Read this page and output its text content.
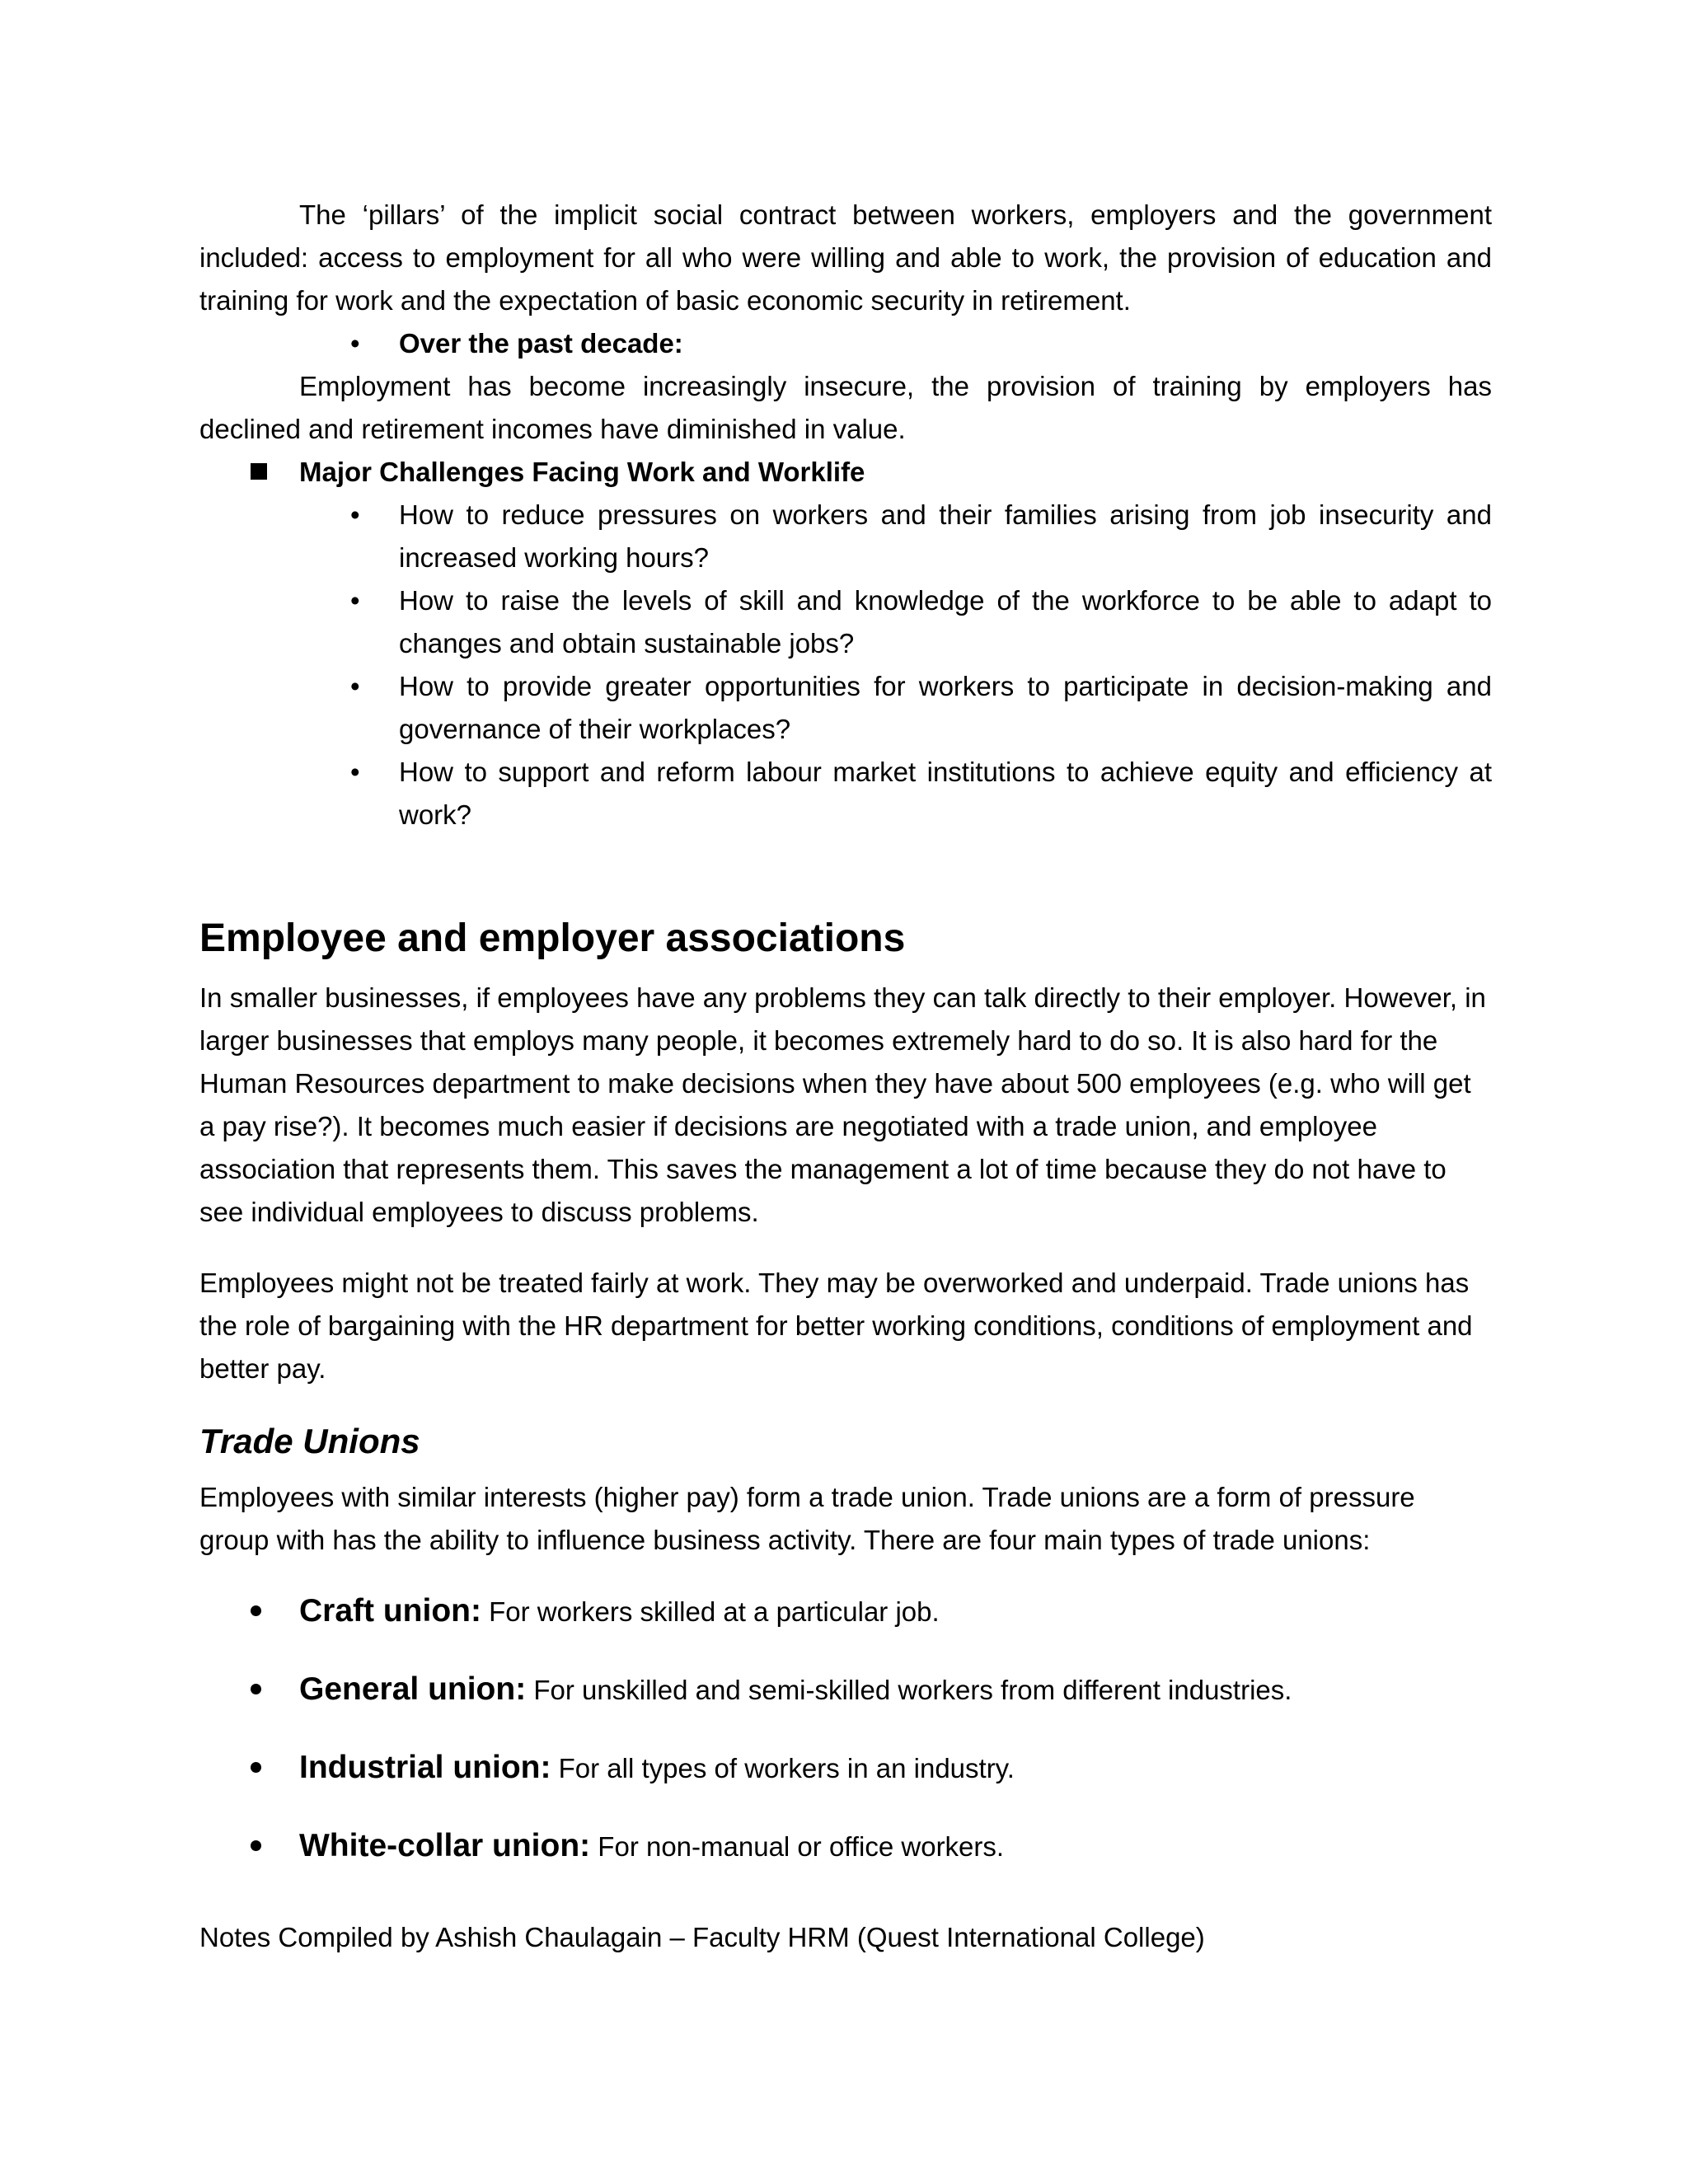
The ‘pillars’ of the implicit social contract between workers, employers and the government included: access to employment for all who were willing and able to work, the provision of education and training for work and the expectation of basic economic security in retirement.

• Over the past decade:

Employment has become increasingly insecure, the provision of training by employers has declined and retirement incomes have diminished in value.

Major Challenges Facing Work and Worklife

• How to reduce pressures on workers and their families arising from job insecurity and increased working hours?
• How to raise the levels of skill and knowledge of the workforce to be able to adapt to changes and obtain sustainable jobs?
• How to provide greater opportunities for workers to participate in decision-making and governance of their workplaces?
• How to support and reform labour market institutions to achieve equity and efficiency at work?
Employee and employer associations

In smaller businesses, if employees have any problems they can talk directly to their employer. However, in larger businesses that employs many people, it becomes extremely hard to do so. It is also hard for the Human Resources department to make decisions when they have about 500 employees (e.g. who will get a pay rise?). It becomes much easier if decisions are negotiated with a trade union, and employee association that represents them. This saves the management a lot of time because they do not have to see individual employees to discuss problems.

Employees might not be treated fairly at work. They may be overworked and underpaid. Trade unions has the role of bargaining with the HR department for better working conditions, conditions of employment and better pay.

Trade Unions

Employees with similar interests (higher pay) form a trade union. Trade unions are a form of pressure group with has the ability to influence business activity. There are four main types of trade unions:

Craft union: For workers skilled at a particular job.
General union: For unskilled and semi-skilled workers from different industries.
Industrial union: For all types of workers in an industry.
White-collar union: For non-manual or office workers.

Notes Compiled by Ashish Chaulagain – Faculty HRM (Quest International College)
